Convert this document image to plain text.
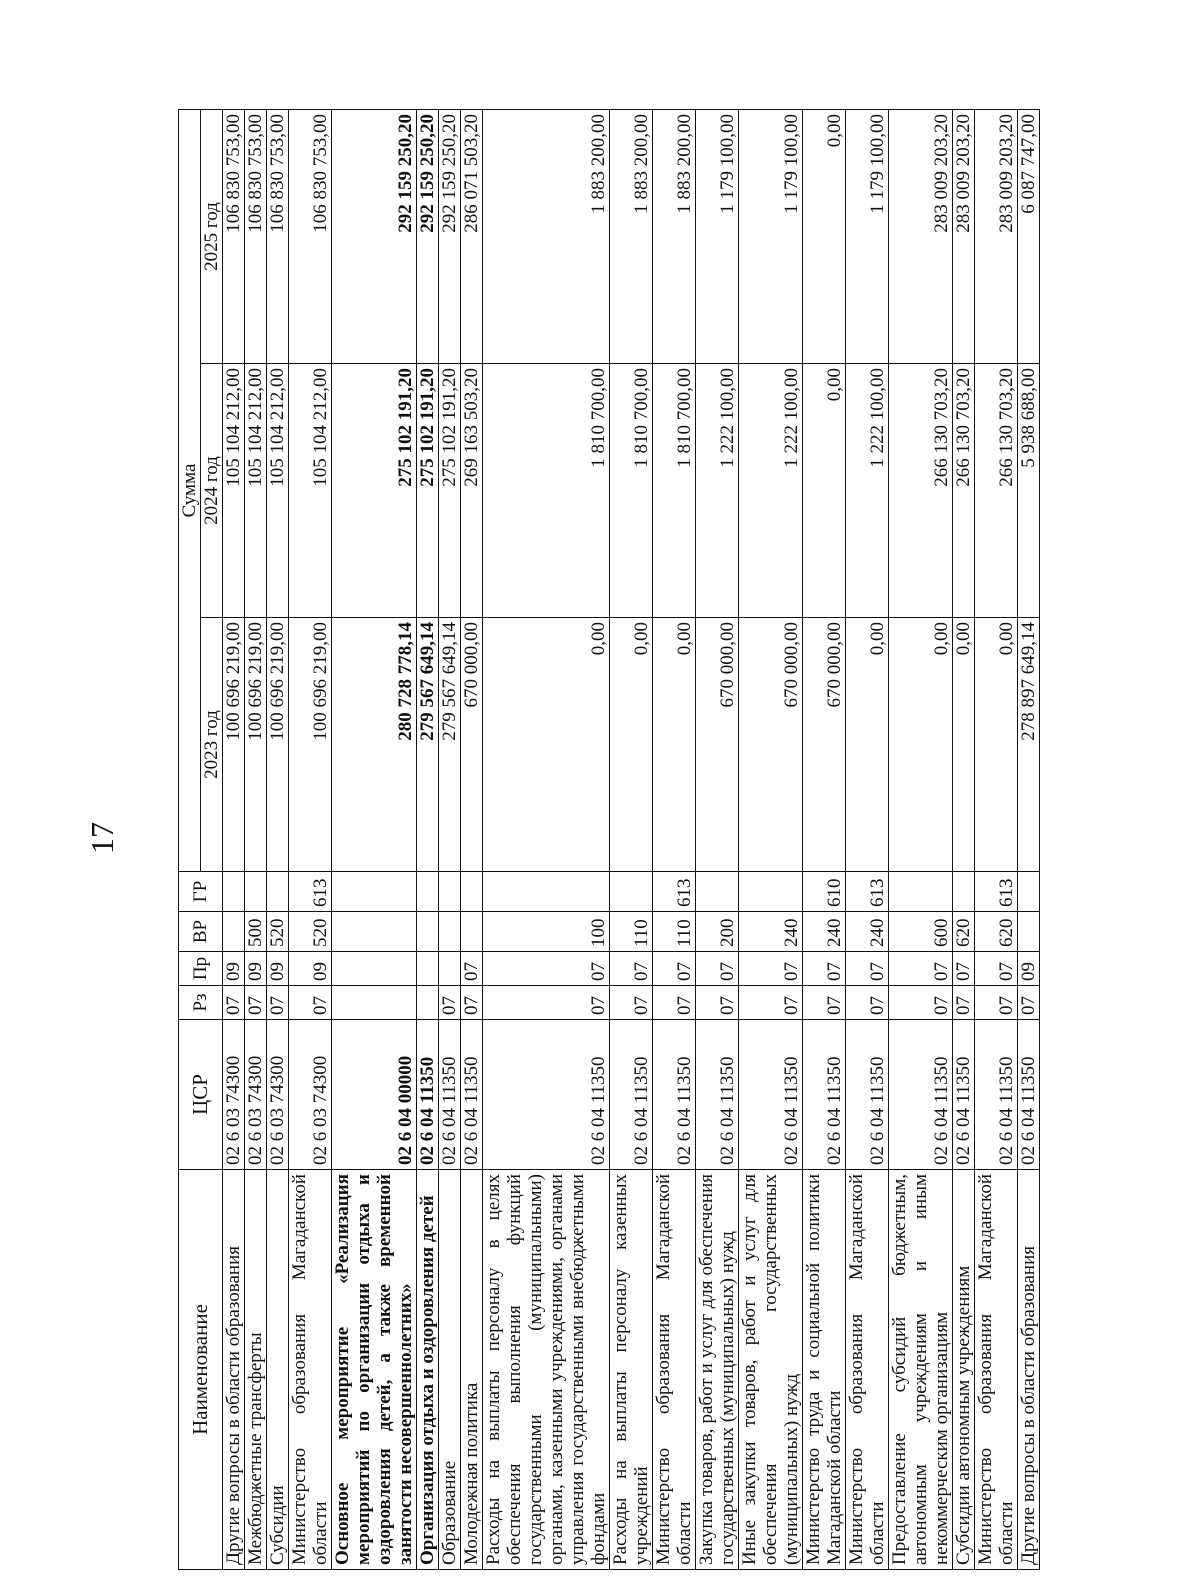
17
Наименование	ЦСР	Рз	Пр	ВР	ГР	Сумма		
						2023 год	2024 год	2025 год
Другие вопросы в области образования	02 6 03 74300	07	09			100 696 219,00	105 104 212,00	106 830 753,00
Межбюджетные трансферты	02 6 03 74300	07	09	500		100 696 219,00	105 104 212,00	106 830 753,00
Субсидии	02 6 03 74300	07	09	520		100 696 219,00	105 104 212,00	106 830 753,00
Министерство образования Магаданской области	02 6 03 74300	07	09	520	613	100 696 219,00	105 104 212,00	106 830 753,00
Основное мероприятие «Реализация мероприятий по организации отдыха и оздоровления детей, а также временной занятости несовершеннолетних»	02 6 04 00000					280 728 778,14	275 102 191,20	292 159 250,20
Организация отдыха и оздоровления детей	02 6 04 11350					279 567 649,14	275 102 191,20	292 159 250,20
Образование	02 6 04 11350	07				279 567 649,14	275 102 191,20	292 159 250,20
Молодежная политика	02 6 04 11350	07	07			670 000,00	269 163 503,20	286 071 503,20
Расходы на выплаты персоналу в целях обеспечения выполнения функций государственными (муниципальными) органами, казенными учреждениями, органами управления государственными внебюджетными фондами	02 6 04 11350	07	07	100		0,00	1 810 700,00	1 883 200,00
Расходы на выплаты персоналу казенных учреждений	02 6 04 11350	07	07	110		0,00	1 810 700,00	1 883 200,00
Министерство образования Магаданской области	02 6 04 11350	07	07	110	613	0,00	1 810 700,00	1 883 200,00
Закупка товаров, работ и услуг для обеспечения государственных (муниципальных) нужд	02 6 04 11350	07	07	200		670 000,00	1 222 100,00	1 179 100,00
Иные закупки товаров, работ и услуг для обеспечения государственных (муниципальных) нужд	02 6 04 11350	07	07	240		670 000,00	1 222 100,00	1 179 100,00
Министерство труда и социальной политики Магаданской области	02 6 04 11350	07	07	240	610	670 000,00	0,00	0,00
Министерство образования Магаданской области	02 6 04 11350	07	07	240	613	0,00	1 222 100,00	1 179 100,00
Предоставление субсидий бюджетным, автономным учреждениям и иным некоммерческим организациям	02 6 04 11350	07	07	600		0,00	266 130 703,20	283 009 203,20
Субсидии автономным учреждениям	02 6 04 11350	07	07	620		0,00	266 130 703,20	283 009 203,20
Министерство образования Магаданской области	02 6 04 11350	07	07	620	613	0,00	266 130 703,20	283 009 203,20
Другие вопросы в области образования	02 6 04 11350	07	09			278 897 649,14	5 938 688,00	6 087 747,00
